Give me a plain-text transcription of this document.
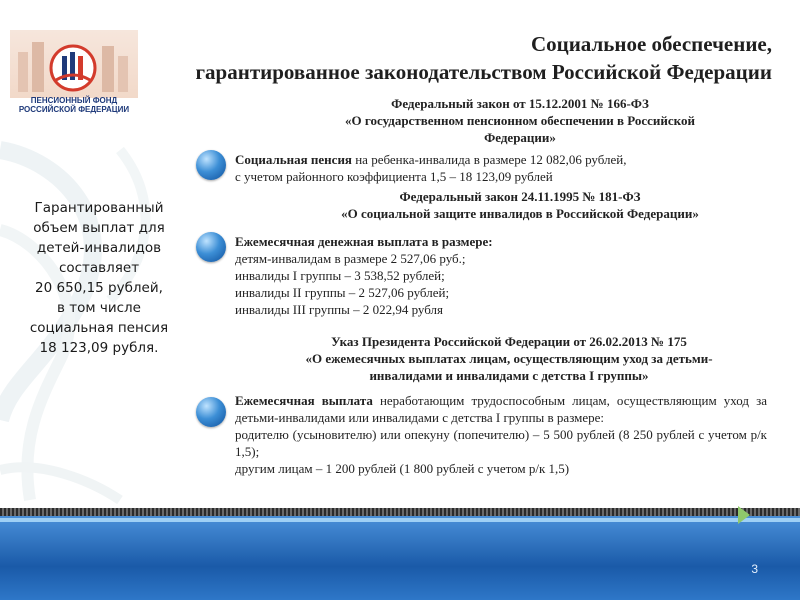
ПЕНСИОННЫЙ ФОНД
РОССИЙСКОЙ ФЕДЕРАЦИИ
Социальное обеспечение,
гарантированное законодательством Российской Федерации
Федеральный закон от 15.12.2001 № 166-ФЗ
«О государственном пенсионном обеспечении в Российской
Федерации»
Социальная пенсия на ребенка-инвалида в размере 12 082,06 рублей,
с учетом районного коэффициента 1,5 – 18 123,09 рублей
Федеральный закон 24.11.1995 № 181-ФЗ
«О социальной защите инвалидов в Российской Федерации»
Ежемесячная денежная выплата в размере:
детям-инвалидам в размере 2 527,06 руб.;
инвалиды I группы – 3 538,52 рублей;
инвалиды II группы – 2 527,06 рублей;
инвалиды III группы – 2 022,94 рубля
Указ Президента Российской Федерации от 26.02.2013 № 175
«О ежемесячных выплатах лицам, осуществляющим уход за детьми-
инвалидами и инвалидами с детства I группы»
Ежемесячная выплата неработающим трудоспособным лицам, осуществляющим уход за детьми-инвалидами или инвалидами с детства I группы в размере:
родителю (усыновителю) или опекуну (попечителю) – 5 500 рублей (8 250 рублей с учетом р/к 1,5);
другим лицам – 1 200 рублей (1 800 рублей с учетом р/к 1,5)
Гарантированный
объем выплат для
детей-инвалидов
составляет
20 650,15 рублей,
в том числе
социальная пенсия
18 123,09 рубля.
3
